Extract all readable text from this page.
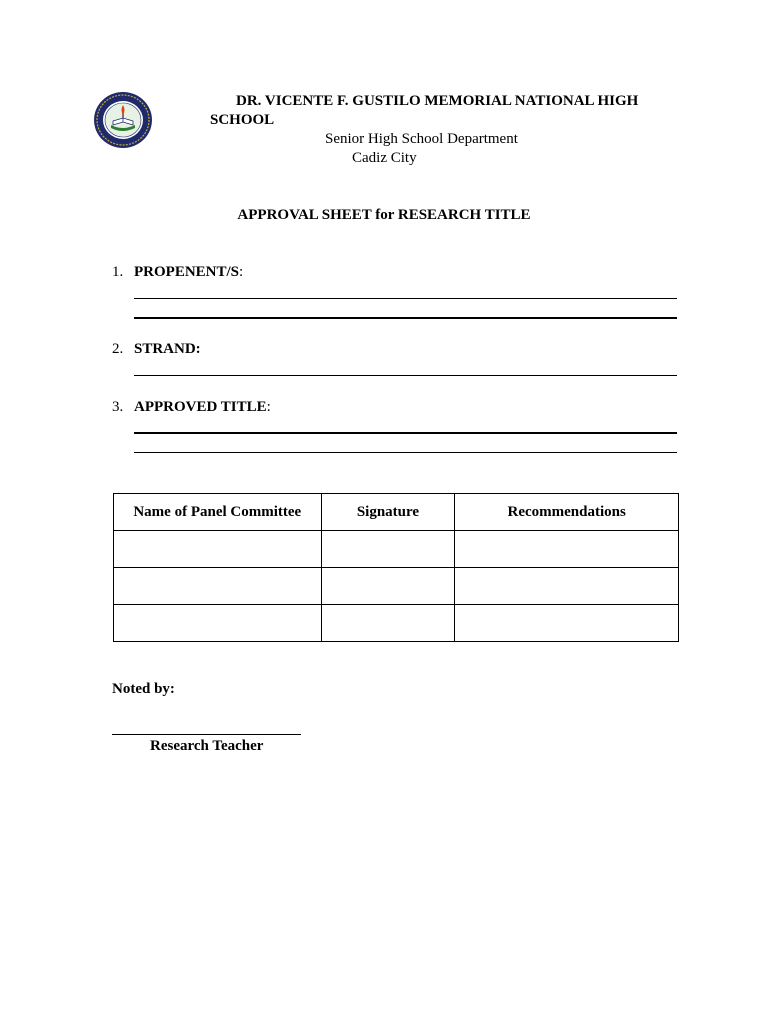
DR. VICENTE F. GUSTILO MEMORIAL NATIONAL HIGH
SCHOOL
Senior High School Department
Cadiz City
APPROVAL SHEET for RESEARCH TITLE
1. PROPENENT/S:
2. STRAND:
3. APPROVED TITLE:
Name of Panel Committee	Signature	Recommendations

Noted by:
Research Teacher
